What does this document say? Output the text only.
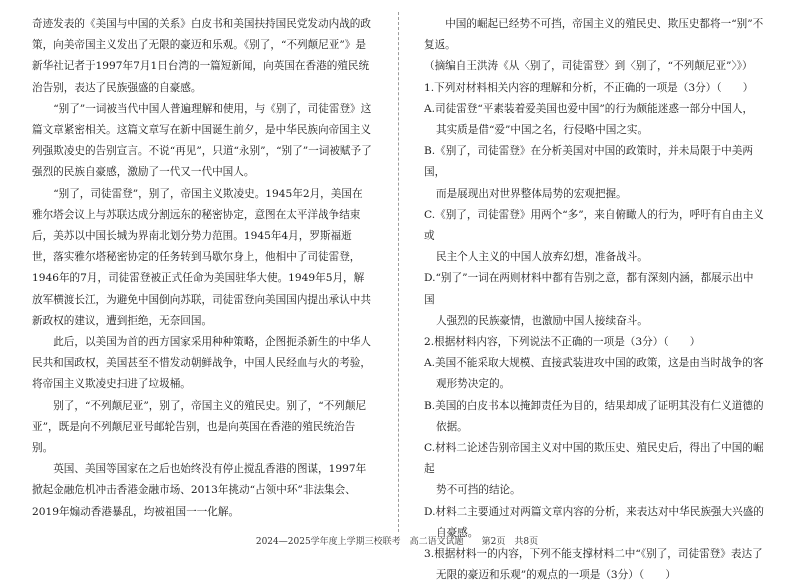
奇迹发表的《美国与中国的关系》白皮书和美国扶持国民党发动内战的政策，向美帝国主义发出了无限的豪迈和乐观。《别了，“不列颠尼亚”》是新华社记者于1997年7月1日台湾的一篇短新闻，向英国在香港的殖民统治告别，表达了民族强盛的自豪感。

“别了”一词被当代中国人普遍理解和使用，与《别了，司徒雷登》这篇文章紧密相关。这篇文章写在新中国诞生前夕，是中华民族向帝国主义列强欺凌史的告别宣言。不说“再见”，只道“永别”，“别了”一词被赋予了强烈的民族自豪感，激励了一代又一代中国人。

“别了，司徒雷登”，别了，帝国主义欺凌史。1945年2月，美国在雅尔塔会议上与苏联达成分割远东的秘密协定，意图在太平洋战争结束后，美苏以中国长城为界南北划分势力范围。1945年4月，罗斯福逝世，落实雅尔塔秘密协定的任务转到马歇尔身上，他相中了司徒雷登，1946年的7月，司徒雷登被正式任命为美国驻华大使。1949年5月，解放军横渡长江，为避免中国倒向苏联，司徒雷登向美国国内提出承认中共新政权的建议，遭到拒绝，无奈回国。

此后，以美国为首的西方国家采用种种策略，企图扼杀新生的中华人民共和国政权，美国甚至不惜发动朝鲜战争，中国人民经血与火的考验，将帝国主义欺凌史扫进了垃圾桶。

别了，“不列颠尼亚”，别了，帝国主义的殖民史。别了，“不列颠尼亚”，既是向不列颠尼亚号邮轮告别，也是向英国在香港的殖民统治告别。

英国、美国等国家在之后也始终没有停止搅乱香港的图谋，1997年掀起金融危机冲击香港金融市场、2013年挑动“占领中环”非法集会、2019年煽动香港暴乱，均被祖国一一化解。

中国的崛起已经势不可挡，帝国主义的殖民史、欺压史都将一“别”不复返。

（摘编自王洪涛《从〈别了，司徒雷登〉到〈别了，“不列颠尼亚”〉》）

1.下列对材料相关内容的理解和分析，不正确的一项是（3分）（　　）

A.司徒雷登“平素装着爱美国也爱中国”的行为颇能迷惑一部分中国人，

其实质是借“爱”中国之名，行侵略中国之实。

B.《别了，司徒雷登》在分析美国对中国的政策时，并未局限于中美两国，

而是展现出对世界整体局势的宏观把握。

C.《别了，司徒雷登》用两个“多”，来自俯瞰人的行为，呼吁有自由主义或

民主个人主义的中国人放弃幻想，准备战斗。

D.“别了”一词在两则材料中都有告别之意，都有深刻内涵，都展示出中国

人强烈的民族豪情，也激励中国人接续奋斗。

2.根据材料内容，下列说法不正确的一项是（3分）（　　）

A.美国不能采取大规模、直接武装进攻中国的政策，这是由当时战争的客

观形势决定的。

B.美国的白皮书本以掩卸责任为目的，结果却成了证明其没有仁义道德的

依据。

C.材料二论述告别帝国主义对中国的欺压史、殖民史后，得出了中国的崛起

势不可挡的结论。

D.材料二主要通过对两篇文章内容的分析，来表达对中华民族强大兴盛的

自豪感。

3.根据材料一的内容，下列不能支撑材料二中“《别了，司徒雷登》表达了

无限的豪迈和乐观”的观点的一项是（3分）（　　）

2024—2025学年度上学期三校联考　高二语文试题　　第2页　共8页
